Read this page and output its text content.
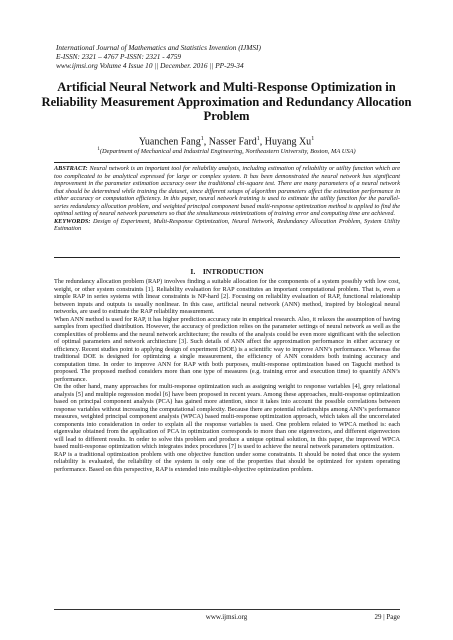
International Journal of Mathematics and Statistics Invention (IJMSI)
E-ISSN: 2321 – 4767 P-ISSN: 2321 - 4759
www.ijmsi.org Volume 4 Issue 10 || December. 2016 || PP-29-34
Artificial Neural Network and Multi-Response Optimization in Reliability Measurement Approximation and Redundancy Allocation Problem
Yuanchen Fang$^1$, Nasser Fard$^1$, Huyang Xu$^1$
$^1$(Department of Mechanical and Industrial Engineering, Northeastern University, Boston, MA USA)

ABSTRACT: Neural network is an important tool for reliability analysis, including estimation of reliability or utility function which are too complicated to be analytical expressed for large or complex system. It has been demonstrated the neural network has significant improvement in the parameter estimation accuracy over the traditional chi-square test. There are many parameters of a neural network that should be determined while training the dataset, since different setups of algorithm parameters affect the estimation performance in either accuracy or computation efficiency. In this paper, neural network training is used to estimate the utility function for the parallel-series redundancy allocation problem, and weighted principal component based multi-response optimization method is applied to find the optimal setting of neural network parameters so that the simultaneous minimizations of training error and computing time are achieved.

KEYWORDS: Design of Experiment, Multi-Response Optimization, Neural Network, Redundancy Allocation Problem, System Utility Estimation

I. INTRODUCTION

The redundancy allocation problem (RAP) involves finding a suitable allocation for the components of a system possibly with low cost, weight, or other system constraints [1]. Reliability evaluation for RAP constitutes an important computational problem. That is, even a simple RAP in series systems with linear constraints is NP-hard [2]. Focusing on reliability evaluation of RAP, functional relationship between inputs and outputs is usually nonlinear. In this case, artificial neural network (ANN) method, inspired by biological neural networks, are used to estimate the RAP reliability measurement.

When ANN method is used for RAP, it has higher prediction accuracy rate in empirical research. Also, it relaxes the assumption of having samples from specified distribution. However, the accuracy of prediction relies on the parameter settings of neural network as well as the complexities of problems and the neural network architecture; the results of the analysis could be even more significant with the selection of optimal parameters and network architecture [3]. Such details of ANN affect the approximation performance in either accuracy or efficiency. Recent studies point to applying design of experiment (DOE) is a scientific way to improve ANN’s performance. Whereas the traditional DOE is designed for optimizing a single measurement, the efficiency of ANN considers both training accuracy and computation time. In order to improve ANN for RAP with both purposes, multi-response optimization based on Taguchi method is proposed. The proposed method considers more than one type of measures (e.g. training error and execution time) to quantify ANN’s performance.

On the other hand, many approaches for multi-response optimization such as assigning weight to response variables [4], grey relational analysis [5] and multiple regression model [6] have been proposed in recent years. Among these approaches, multi-response optimization based on principal component analysis (PCA) has gained more attention, since it takes into account the possible correlations between response variables without increasing the computational complexity. Because there are potential relationships among ANN’s performance measures, weighted principal component analysis (WPCA) based multi-response optimization approach, which takes all the uncorrelated components into consideration in order to explain all the response variables is used. One problem related to WPCA method is: each eigenvalue obtained from the application of PCA in optimization corresponds to more than one eigenvectors, and different eigenvectors will lead to different results. In order to solve this problem and produce a unique optimal solution, in this paper, the improved WPCA based multi-response optimization which integrates index procedures [7] is used to achieve the neural network parameters optimization.

RAP is a traditional optimization problem with one objective function under some constraints. It should be noted that once the system reliability is evaluated, the reliability of the system is only one of the properties that should be optimized for system operating performance. Based on this perspective, RAP is extended into multiple-objective optimization problem.

www.ijmsi.org	29 | Page
